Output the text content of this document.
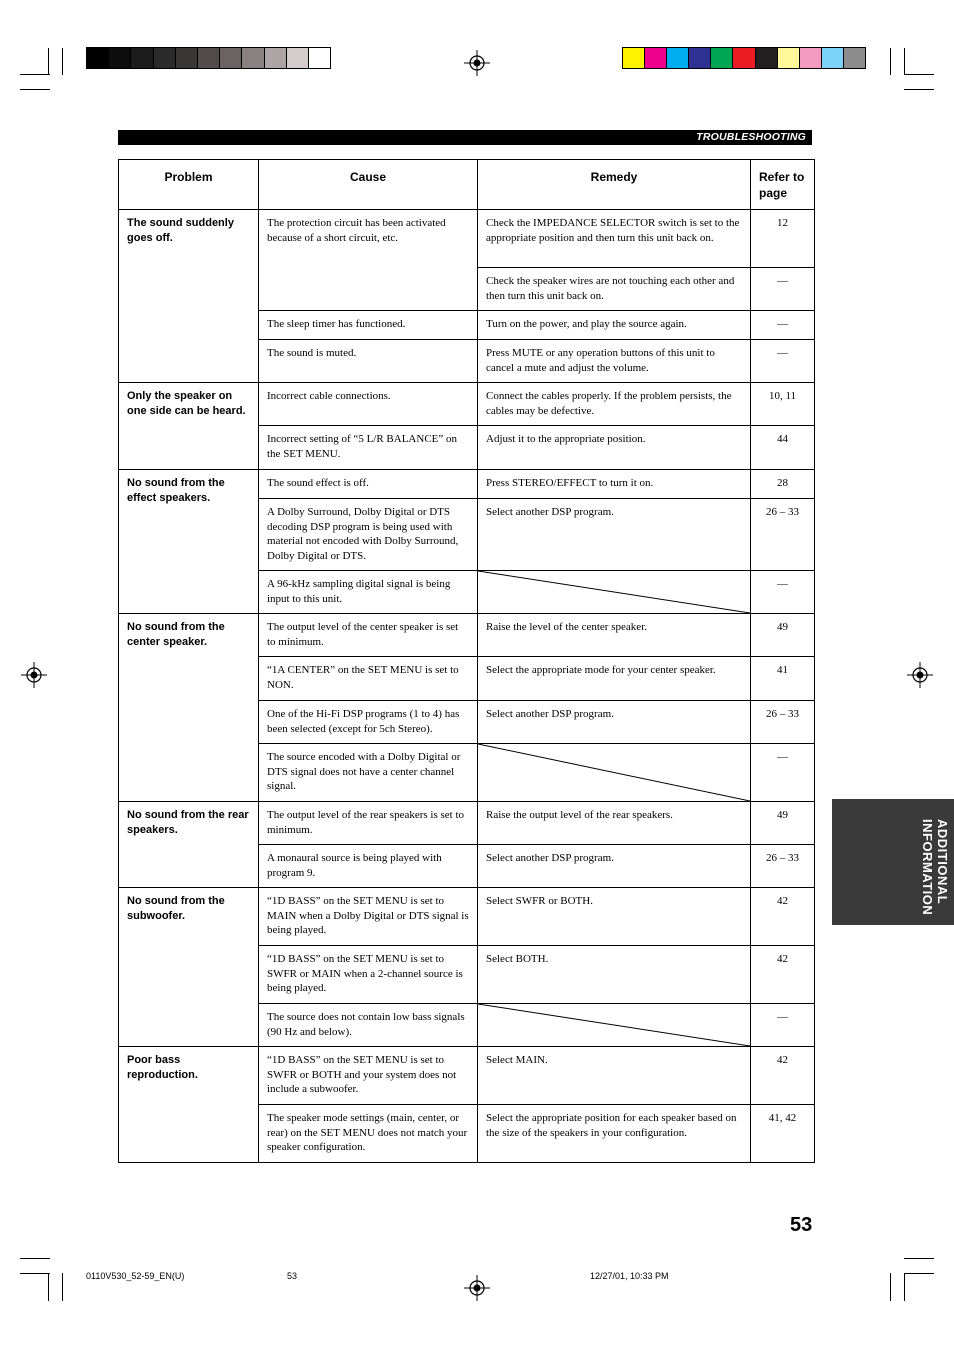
TROUBLESHOOTING
Problem	Cause	Remedy	Refer to page
The sound suddenly goes off.	The protection circuit has been activated because of a short circuit, etc.	Check the IMPEDANCE SELECTOR switch is set to the appropriate position and then turn this unit back on.	12
		Check the speaker wires are not touching each other and then turn this unit back on.	—
	The sleep timer has functioned.	Turn on the power, and play the source again.	—
	The sound is muted.	Press MUTE or any operation buttons of this unit to cancel a mute and adjust the volume.	—
Only the speaker on one side can be heard.	Incorrect cable connections.	Connect the cables properly. If the problem persists, the cables may be defective.	10, 11
	Incorrect setting of “5 L/R BALANCE” on the SET MENU.	Adjust it to the appropriate position.	44
No sound from the effect speakers.	The sound effect is off.	Press STEREO/EFFECT to turn it on.	28
	A Dolby Surround, Dolby Digital or DTS decoding DSP program is being used with material not encoded with Dolby Surround, Dolby Digital or DTS.	Select another DSP program.	26 – 33
	A 96-kHz sampling digital signal is being input to this unit.		—
No sound from the center speaker.	The output level of the center speaker is set to minimum.	Raise the level of the center speaker.	49
	“1A CENTER” on the SET MENU is set to NON.	Select the appropriate mode for your center speaker.	41
	One of the Hi-Fi DSP programs (1 to 4) has been selected (except for 5ch Stereo).	Select another DSP program.	26 – 33
	The source encoded with a Dolby Digital or DTS signal does not have a center channel signal.		—
No sound from the rear speakers.	The output level of the rear speakers is set to minimum.	Raise the output level of the rear speakers.	49
	A monaural source is being played with program 9.	Select another DSP program.	26 – 33
No sound from the subwoofer.	“1D BASS” on the SET MENU is set to MAIN when a Dolby Digital or DTS signal is being played.	Select SWFR or BOTH.	42
	“1D BASS” on the SET MENU is set to SWFR or MAIN when a 2-channel source is being played.	Select BOTH.	42
	The source does not contain low bass signals (90 Hz and below).		—
Poor bass reproduction.	“1D BASS” on the SET MENU is set to SWFR or BOTH and your system does not include a subwoofer.	Select MAIN.	42
	The speaker mode settings (main, center, or rear) on the SET MENU does not match your speaker configuration.	Select the appropriate position for each speaker based on the size of the speakers in your configuration.	41, 42
ADDITIONAL
INFORMATION
53
0110V530_52-59_EN(U)	53	12/27/01, 10:33 PM
